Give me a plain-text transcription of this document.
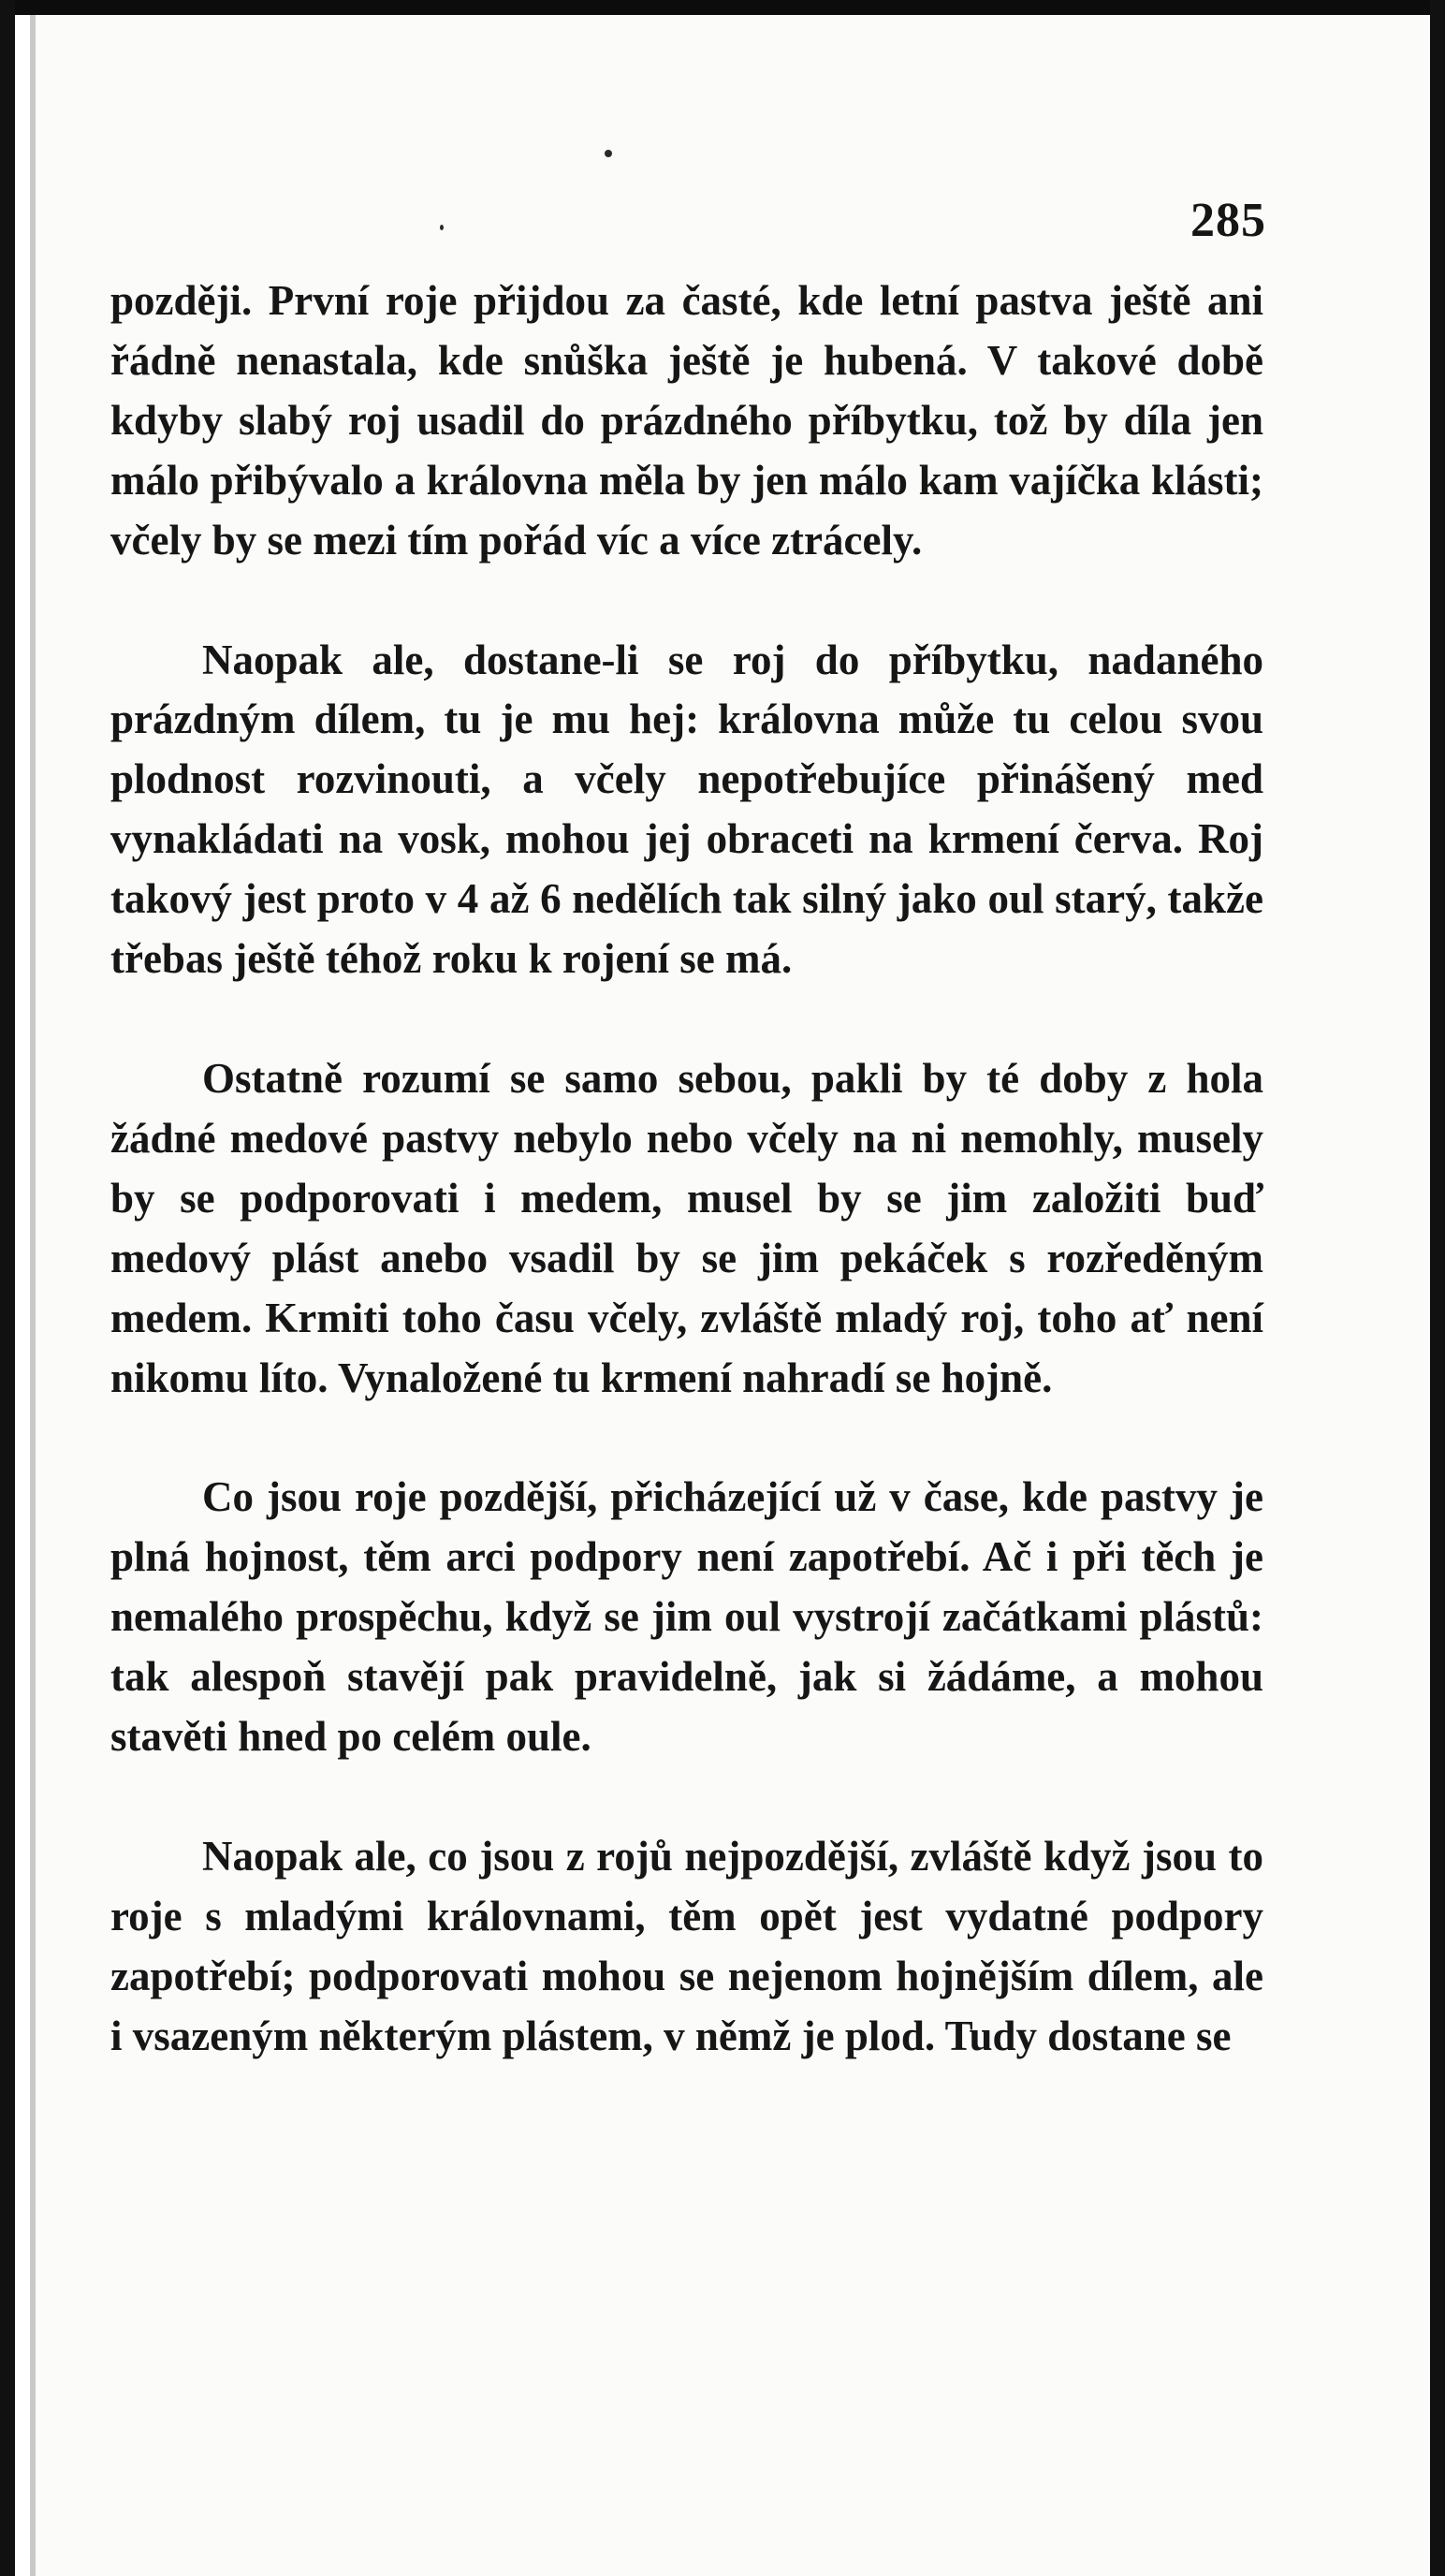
285

později. První roje přijdou za časté, kde letní pastva ještě ani řádně nenastala, kde snůška ještě je hubená. V takové době kdyby slabý roj usadil do prázdného příbytku, tož by díla jen málo přibývalo a královna měla by jen málo kam vajíčka klásti; včely by se mezi tím pořád víc a více ztrácely.

Naopak ale, dostane-li se roj do příbytku, nadaného prázdným dílem, tu je mu hej: královna může tu celou svou plodnost rozvinouti, a včely nepotřebujíce přinášený med vynakládati na vosk, mohou jej obraceti na krmení červa. Roj takový jest proto v 4 až 6 nedělích tak silný jako oul starý, takže třebas ještě téhož roku k rojení se má.

Ostatně rozumí se samo sebou, pakli by té doby z hola žádné medové pastvy nebylo nebo včely na ni nemohly, musely by se podporovati i medem, musel by se jim založiti buď medový plást anebo vsadil by se jim pekáček s rozředěným medem. Krmiti toho času včely, zvláště mladý roj, toho ať není nikomu líto. Vynaložené tu krmení nahradí se hojně.

Co jsou roje pozdější, přicházející už v čase, kde pastvy je plná hojnost, těm arci podpory není zapotřebí. Ač i při těch je nemalého prospěchu, když se jim oul vystrojí začátkami plástů: tak alespoň stavějí pak pravidelně, jak si žádáme, a mohou stavěti hned po celém oule.

Naopak ale, co jsou z rojů nejpozdější, zvláště když jsou to roje s mladými královnami, těm opět jest vydatné podpory zapotřebí; podporovati mohou se nejenom hojnějším dílem, ale i vsazeným některým plástem, v němž je plod. Tudy dostane se
